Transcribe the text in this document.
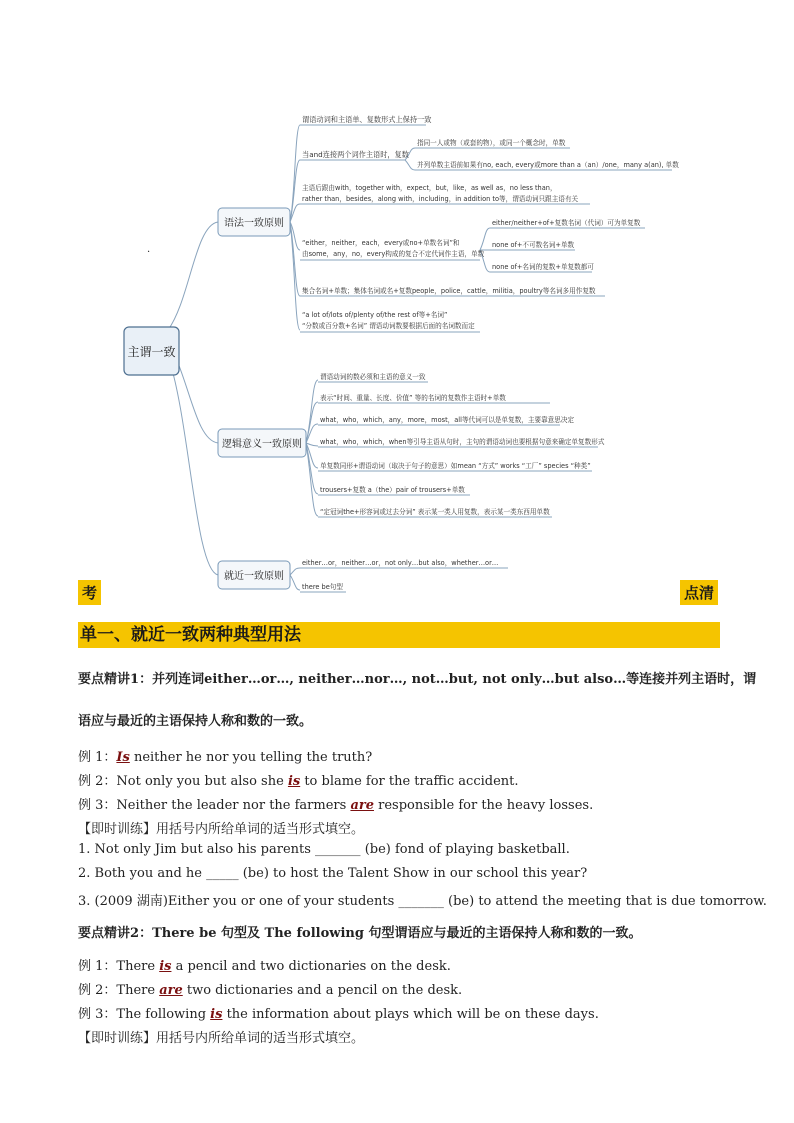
主谓一致
语法一致原则
逻辑意义一致原则
就近一致原则
谓语动词和主语单、复数形式上保持一致
当and连接两个词作主语时，复数
指同一人或物（或套的物），或同一个概念时，单数
并列单数主语前如果有no, each, every或more than a（an）/one，many a(an), 单数
主语后跟由with，together with，expect，but，like，as well as，no less than，
rather than，besides，along with，including，in addition to等，谓语动词只跟主语有关
“either，neither，each，every或no+单数名词”和
由some，any，no，every构成的复合不定代词作主语，单数
either/neither+of+复数名词（代词）可为单复数
none of+不可数名词+单数
none of+名词的复数+单复数都可
集合名词+单数；集体名词或名+复数people，police，cattle，militia，poultry等名词多用作复数
“a lot of/lots of/plenty of/the rest of等+名词”
“分数或百分数+名词” 谓语动词数要根据后面的名词数而定
谓语动词的数必须和主语的意义一致
表示“时间、重量、长度、价值” 等的名词的复数作主语时+单数
what，who，which，any，more，most，all等代词可以是单复数，主要靠意思决定
what，who，which，when等引导主语从句时，主句的谓语动词也要根据句意来确定单复数形式
单复数同形+谓语动词（取决于句子的意思）如mean “方式” works “工厂” species “种类”
trousers+复数 a（the）pair of trousers+单数
“定冠词the+形容词或过去分词” 表示某一类人用复数，表示某一类东西用单数
either…or，neither…or，not only…but also，whether…or…
there be句型
.
考	点清
单一、就近一致两种典型用法
要点精讲1：并列连词either…or…, neither…nor…, not…but, not only…but also…等连接并列主语时，谓
语应与最近的主语保持人称和数的一致。
例 1：Is neither he nor you telling the truth?
例 2：Not only you but also she is to blame for the traffic accident.
例 3：Neither the leader nor the farmers are responsible for the heavy losses.
【即时训练】用括号内所给单词的适当形式填空。
1. Not only Jim but also his parents _______ (be) fond of playing basketball.
2. Both you and he _____ (be) to host the Talent Show in our school this year?
3. (2009 湖南)Either you or one of your students _______ (be) to attend the meeting that is due tomorrow.
要点精讲2：There be 句型及 The following 句型谓语应与最近的主语保持人称和数的一致。
例 1：There is a pencil and two dictionaries on the desk.
例 2：There are two dictionaries and a pencil on the desk.
例 3：The following is the information about plays which will be on these days.
【即时训练】用括号内所给单词的适当形式填空。
